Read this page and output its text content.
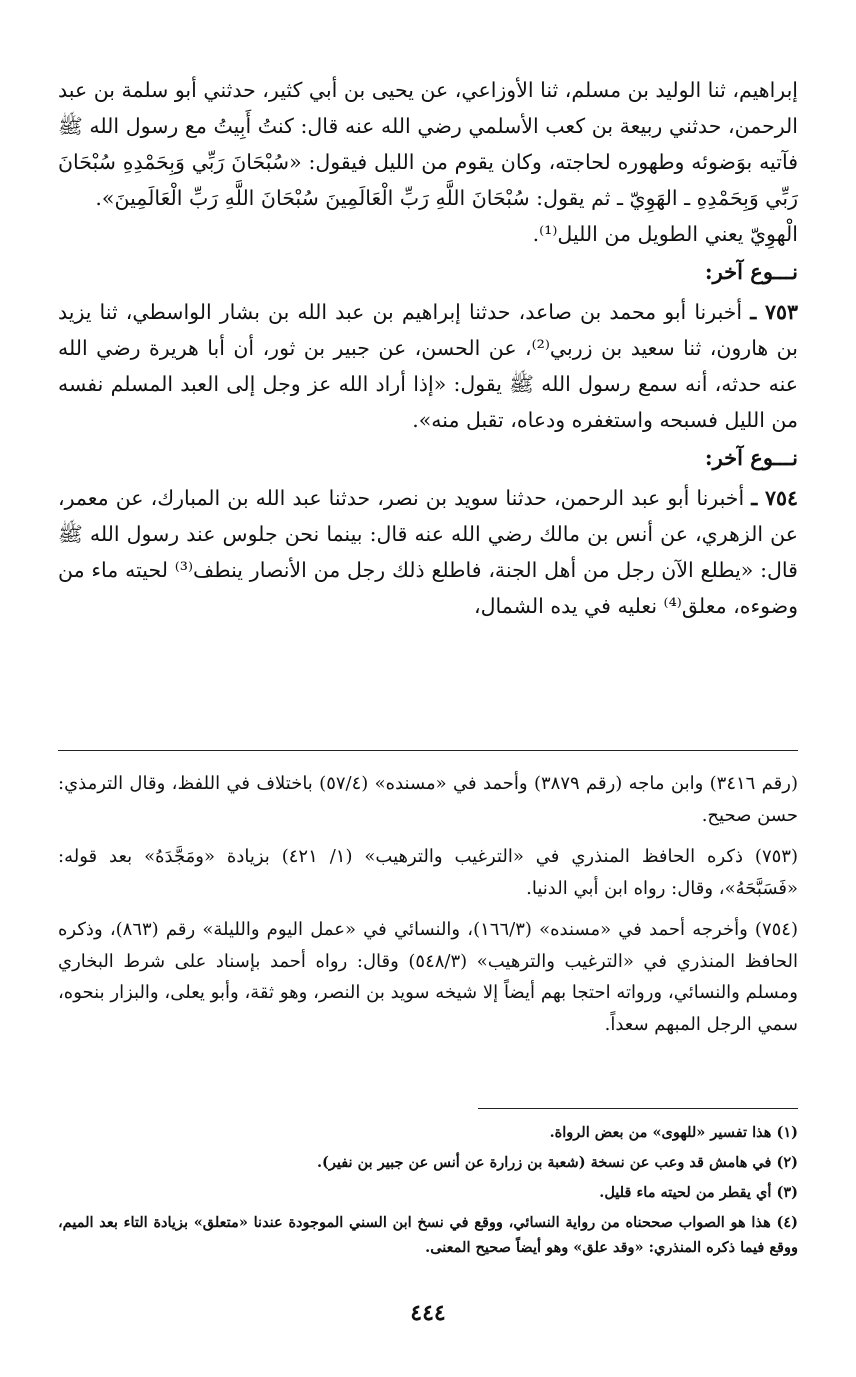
إبراهيم، ثنا الوليد بن مسلم، ثنا الأوزاعي، عن يحيى بن أبي كثير، حدثني أبو سلمة بن عبد الرحمن، حدثني ربيعة بن كعب الأسلمي رضي الله عنه قال: كنتُ أَبِيتُ مع رسول الله ﷺ فآتيه بوَضوئه وطهوره لحاجته، وكان يقوم من الليل فيقول: «سُبْحَانَ رَبِّي وَبِحَمْدِهِ سُبْحَانَ رَبِّي وَبِحَمْدِهِ ـ الهَوِيّ ـ ثم يقول: سُبْحَانَ اللَّهِ رَبِّ الْعَالَمِينَ سُبْحَانَ اللَّهِ رَبِّ الْعَالَمِينَ».

الْهوِيّ يعني الطويل من الليل⁽¹⁾.

نـــوع آخر:

٧٥٣ ـ أخبرنا أبو محمد بن صاعد، حدثنا إبراهيم بن عبد الله بن بشار الواسطي، ثنا يزيد بن هارون، ثنا سعيد بن زربي⁽²⁾، عن الحسن، عن جبير بن ثور، أن أبا هريرة رضي الله عنه حدثه، أنه سمع رسول الله ﷺ يقول: «إذا أراد الله عز وجل إلى العبد المسلم نفسه من الليل فسبحه واستغفره ودعاه، تقبل منه».

نـــوع آخر:

٧٥٤ ـ أخبرنا أبو عبد الرحمن، حدثنا سويد بن نصر، حدثنا عبد الله بن المبارك، عن معمر، عن الزهري، عن أنس بن مالك رضي الله عنه قال: بينما نحن جلوس عند رسول الله ﷺ قال: «يطلع الآن رجل من أهل الجنة، فاطلع ذلك رجل من الأنصار ينطف⁽³⁾ لحيته ماء من وضوءه، معلق⁽⁴⁾ نعليه في يده الشمال،

(رقم ٣٤١٦) وابن ماجه (رقم ٣٨٧٩) وأحمد في «مسنده» (٥٧/٤) باختلاف في اللفظ، وقال الترمذي: حسن صحيح.

(٧٥٣) ذكره الحافظ المنذري في «الترغيب والترهيب» (١/ ٤٢١) بزيادة «ومَجَّدَهُ» بعد قوله: «فَسَبَّحَهُ»، وقال: رواه ابن أبي الدنيا.

(٧٥٤) وأخرجه أحمد في «مسنده» (١٦٦/٣)، والنسائي في «عمل اليوم والليلة» رقم (٨٦٣)، وذكره الحافظ المنذري في «الترغيب والترهيب» (٥٤٨/٣) وقال: رواه أحمد بإسناد على شرط البخاري ومسلم والنسائي، ورواته احتجا بهم أيضاً إلا شيخه سويد بن النصر، وهو ثقة، وأبو يعلى، والبزار بنحوه، سمي الرجل المبهم سعداً.

(١) هذا تفسير «للهوى» من بعض الرواة.

(٢) في هامش قد وعب عن نسخة (شعبة بن زرارة عن أنس عن جبير بن نفير).

(٣) أي يقطر من لحيته ماء قليل.

(٤) هذا هو الصواب صححناه من رواية النسائي، ووقع في نسخ ابن السني الموجودة عندنا «متعلق» بزيادة التاء بعد الميم، ووقع فيما ذكره المنذري: «وقد علق» وهو أيضاً صحيح المعنى.

٤٤٤
